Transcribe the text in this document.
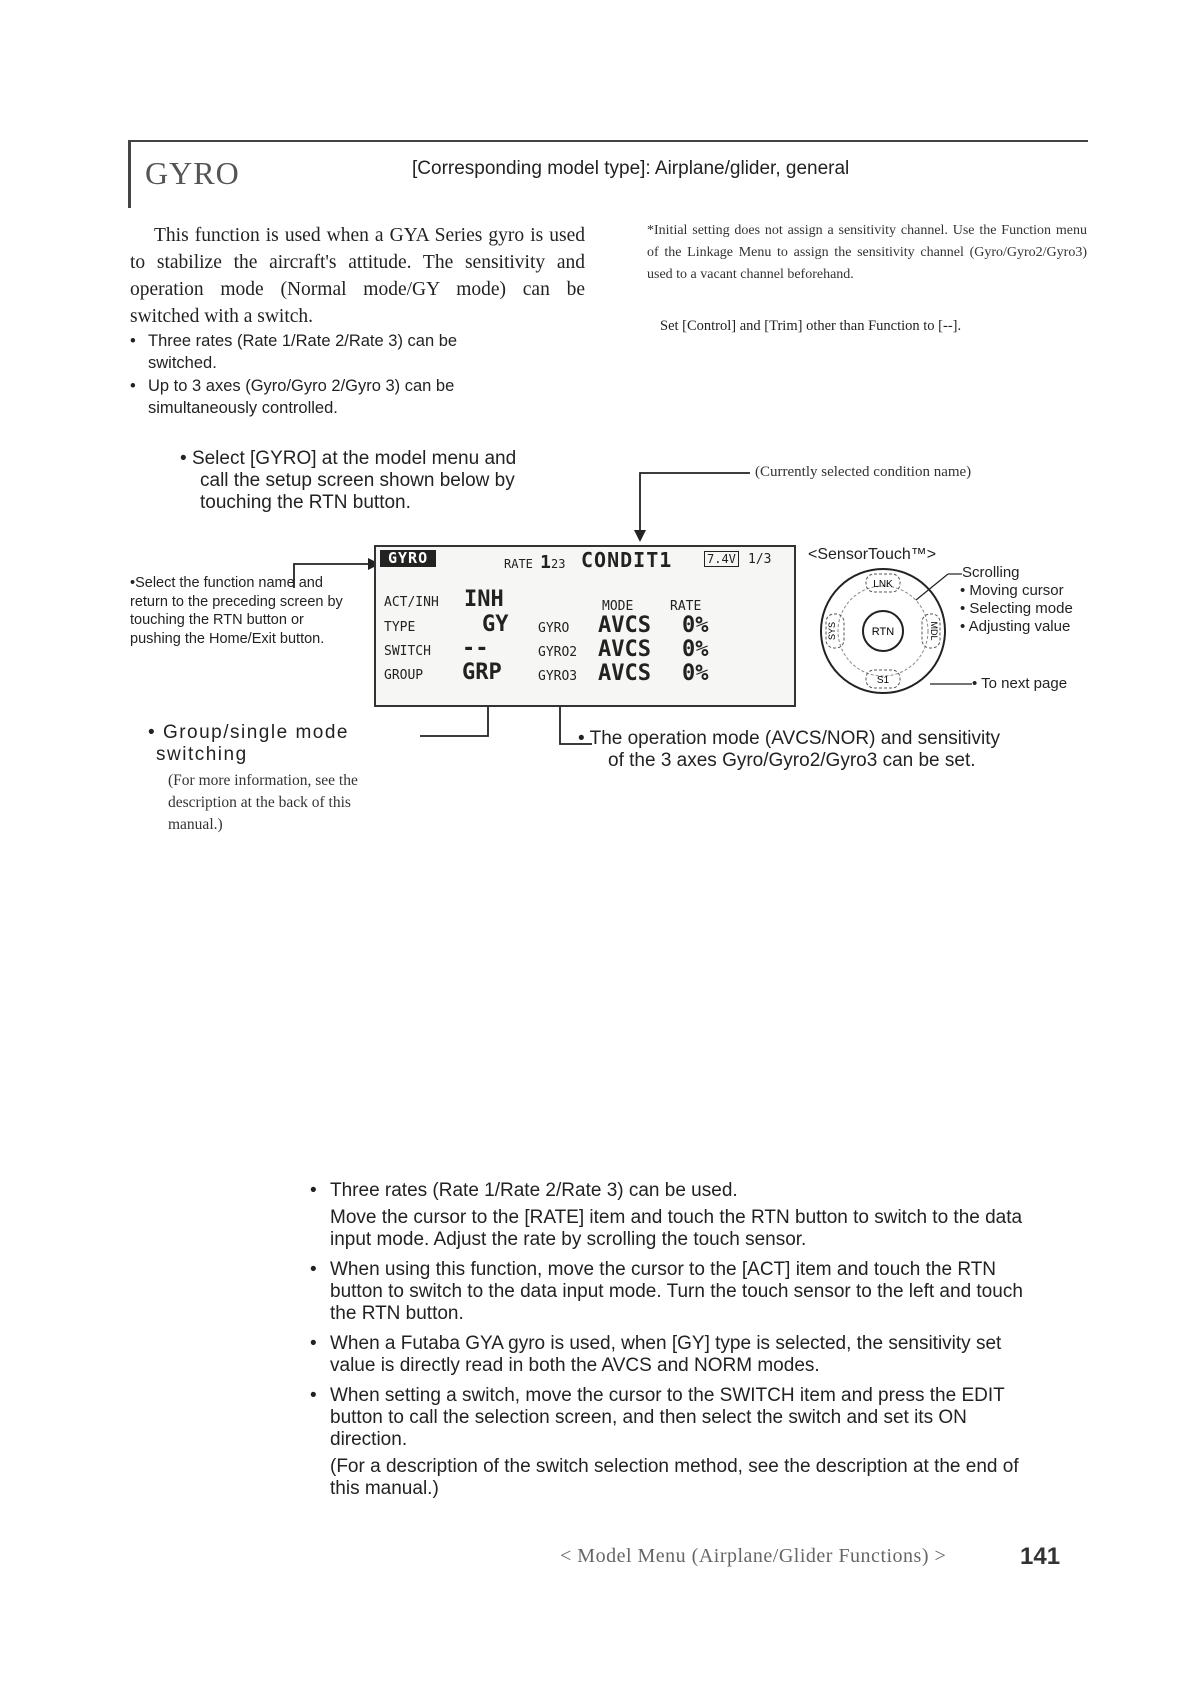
GYRO	[Corresponding model type]: Airplane/glider, general
This function is used when a GYA Series gyro is used to stabilize the aircraft's attitude. The sensitivity and operation mode (Normal mode/GY mode) can be switched with a switch.
• Three rates (Rate 1/Rate 2/Rate 3) can be
switched.
• Up to 3 axes (Gyro/Gyro 2/Gyro 3) can be
simultaneously controlled.
*Initial setting does not assign a sensitivity channel. Use the Function menu of the Linkage Menu to assign the sensitivity channel (Gyro/Gyro2/Gyro3) used to a vacant channel beforehand.
Set [Control] and [Trim] other than Function to [--].
• Select [GYRO] at the model menu and
call the setup screen shown below by
touching the RTN button.
(Currently selected condition name)
GYRO	RATE 123 CONDIT1	7.4V 1/3
ACT/INH INH
TYPE	GY
SWITCH --
GROUP GRP
MODE	RATE
GYRO AVCS 0%
GYRO2 AVCS 0%
GYRO3 AVCS 0%
•Select the function name and return to the preceding screen by touching the RTN button or pushing the Home/Exit button.
<SensorTouch™>
LNK
S1
SYS	MDL
RTN
Scrolling
• Moving cursor
• Selecting mode
• Adjusting value
• To next page
• Group/single mode
switching
(For more information, see the description at the back of this manual.)
• The operation mode (AVCS/NOR) and sensitivity
of the 3 axes Gyro/Gyro2/Gyro3 can be set.
• Three rates (Rate 1/Rate 2/Rate 3) can be used.
Move the cursor to the [RATE] item and touch the RTN button to switch to the data input mode. Adjust the rate by scrolling the touch sensor.
• When using this function, move the cursor to the [ACT] item and touch the RTN button to switch to the data input mode. Turn the touch sensor to the left and touch the RTN button.
• When a Futaba GYA gyro is used, when [GY] type is selected, the sensitivity set value is directly read in both the AVCS and NORM modes.
• When setting a switch, move the cursor to the SWITCH item and press the EDIT button to call the selection screen, and then select the switch and set its ON direction.
(For a description of the switch selection method, see the description at the end of this manual.)
< Model Menu (Airplane/Glider Functions) >	141
